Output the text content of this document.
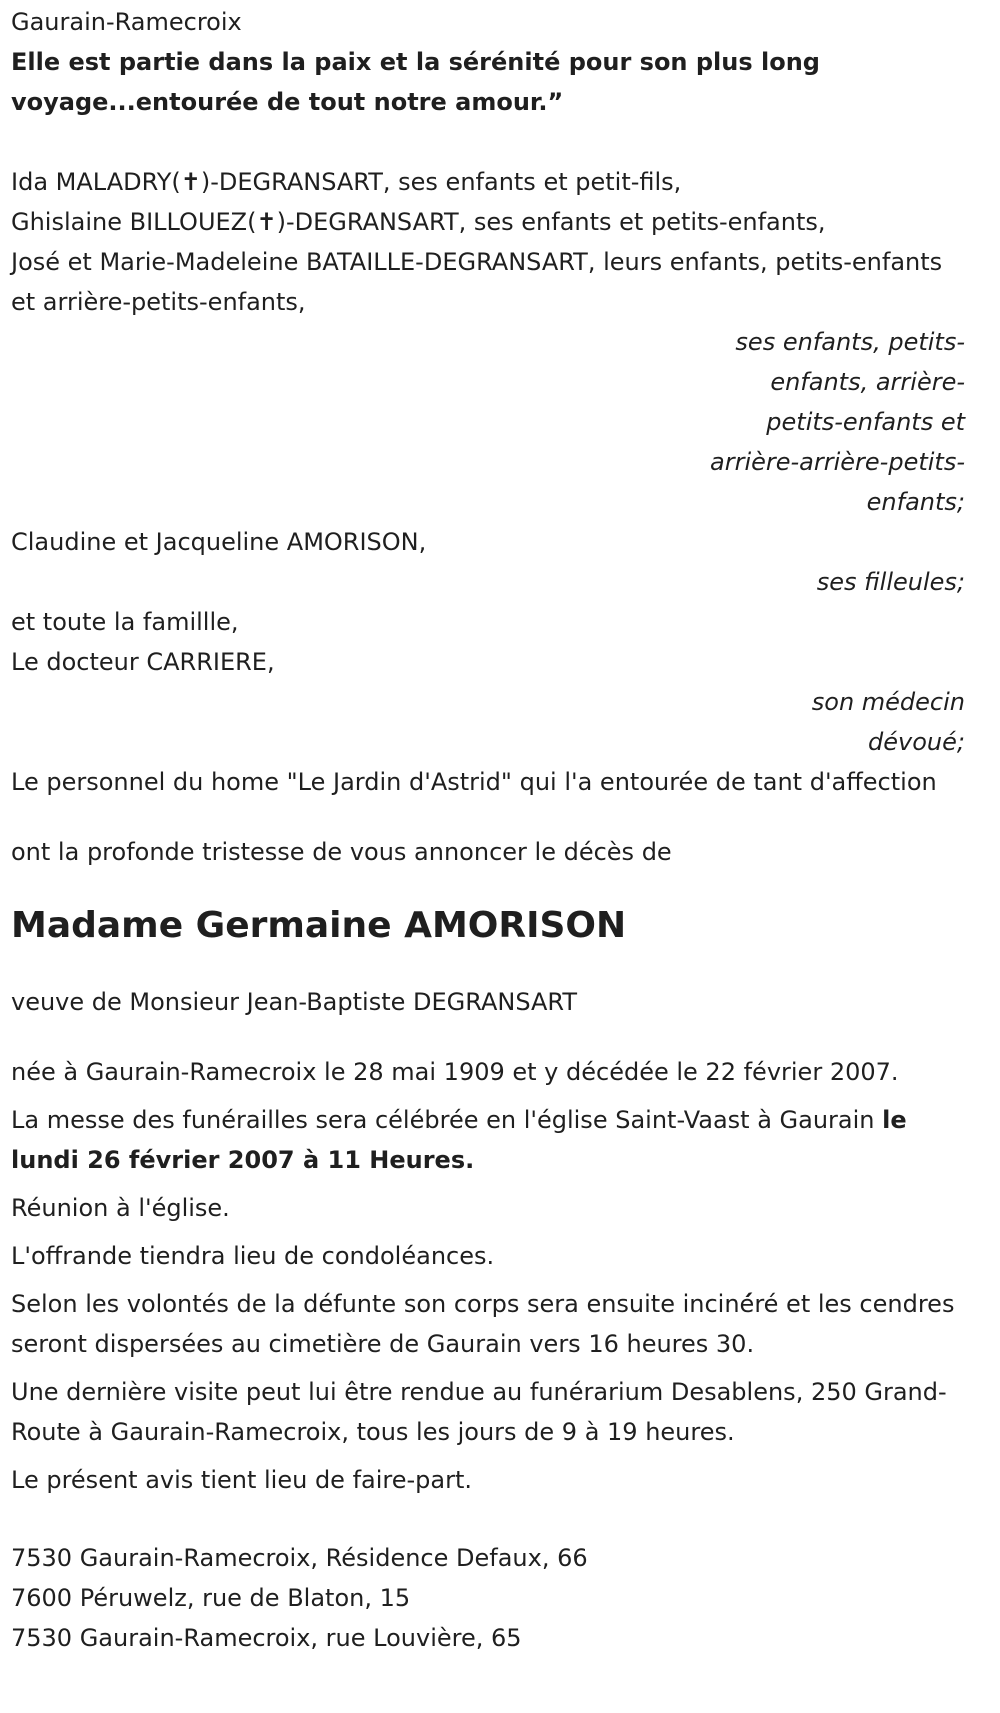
Gaurain-Ramecroix

Elle est partie dans la paix et la sérénité pour son plus long voyage...entourée de tout notre amour.”

Ida MALADRY(✝)-DEGRANSART, ses enfants et petit-fils,

Ghislaine BILLOUEZ(✝)-DEGRANSART, ses enfants et petits-enfants,

José et Marie-Madeleine BATAILLE-DEGRANSART, leurs enfants, petits-enfants et arrière-petits-enfants,

ses enfants, petits-enfants, arrière-petits-enfants et arrière-arrière-petits-enfants;

Claudine et Jacqueline AMORISON,

ses filleules;

et toute la famillle,

Le docteur CARRIERE,

son médecin dévoué;

Le personnel du home "Le Jardin d'Astrid" qui l'a entourée de tant d'affection

ont la profonde tristesse de vous annoncer le décès de

Madame Germaine AMORISON

veuve de Monsieur Jean-Baptiste DEGRANSART

née à Gaurain-Ramecroix le 28 mai 1909 et y décédée le 22 février 2007.

La messe des funérailles sera célébrée en l'église Saint-Vaast à Gaurain le lundi 26 février 2007 à 11 Heures.

Réunion à l'église.

L'offrande tiendra lieu de condoléances.

Selon les volontés de la défunte son corps sera ensuite inciné́ré et les cendres seront dispersées au cimetière de Gaurain vers 16 heures 30.

Une dernière visite peut lui être rendue au funérarium Desablens, 250 Grand-Route à Gaurain-Ramecroix, tous les jours de 9 à 19 heures.

Le présent avis tient lieu de faire-part.

7530 Gaurain-Ramecroix, Résidence Defaux, 66

7600 Péruwelz, rue de Blaton, 15

7530 Gaurain-Ramecroix, rue Louvière, 65
